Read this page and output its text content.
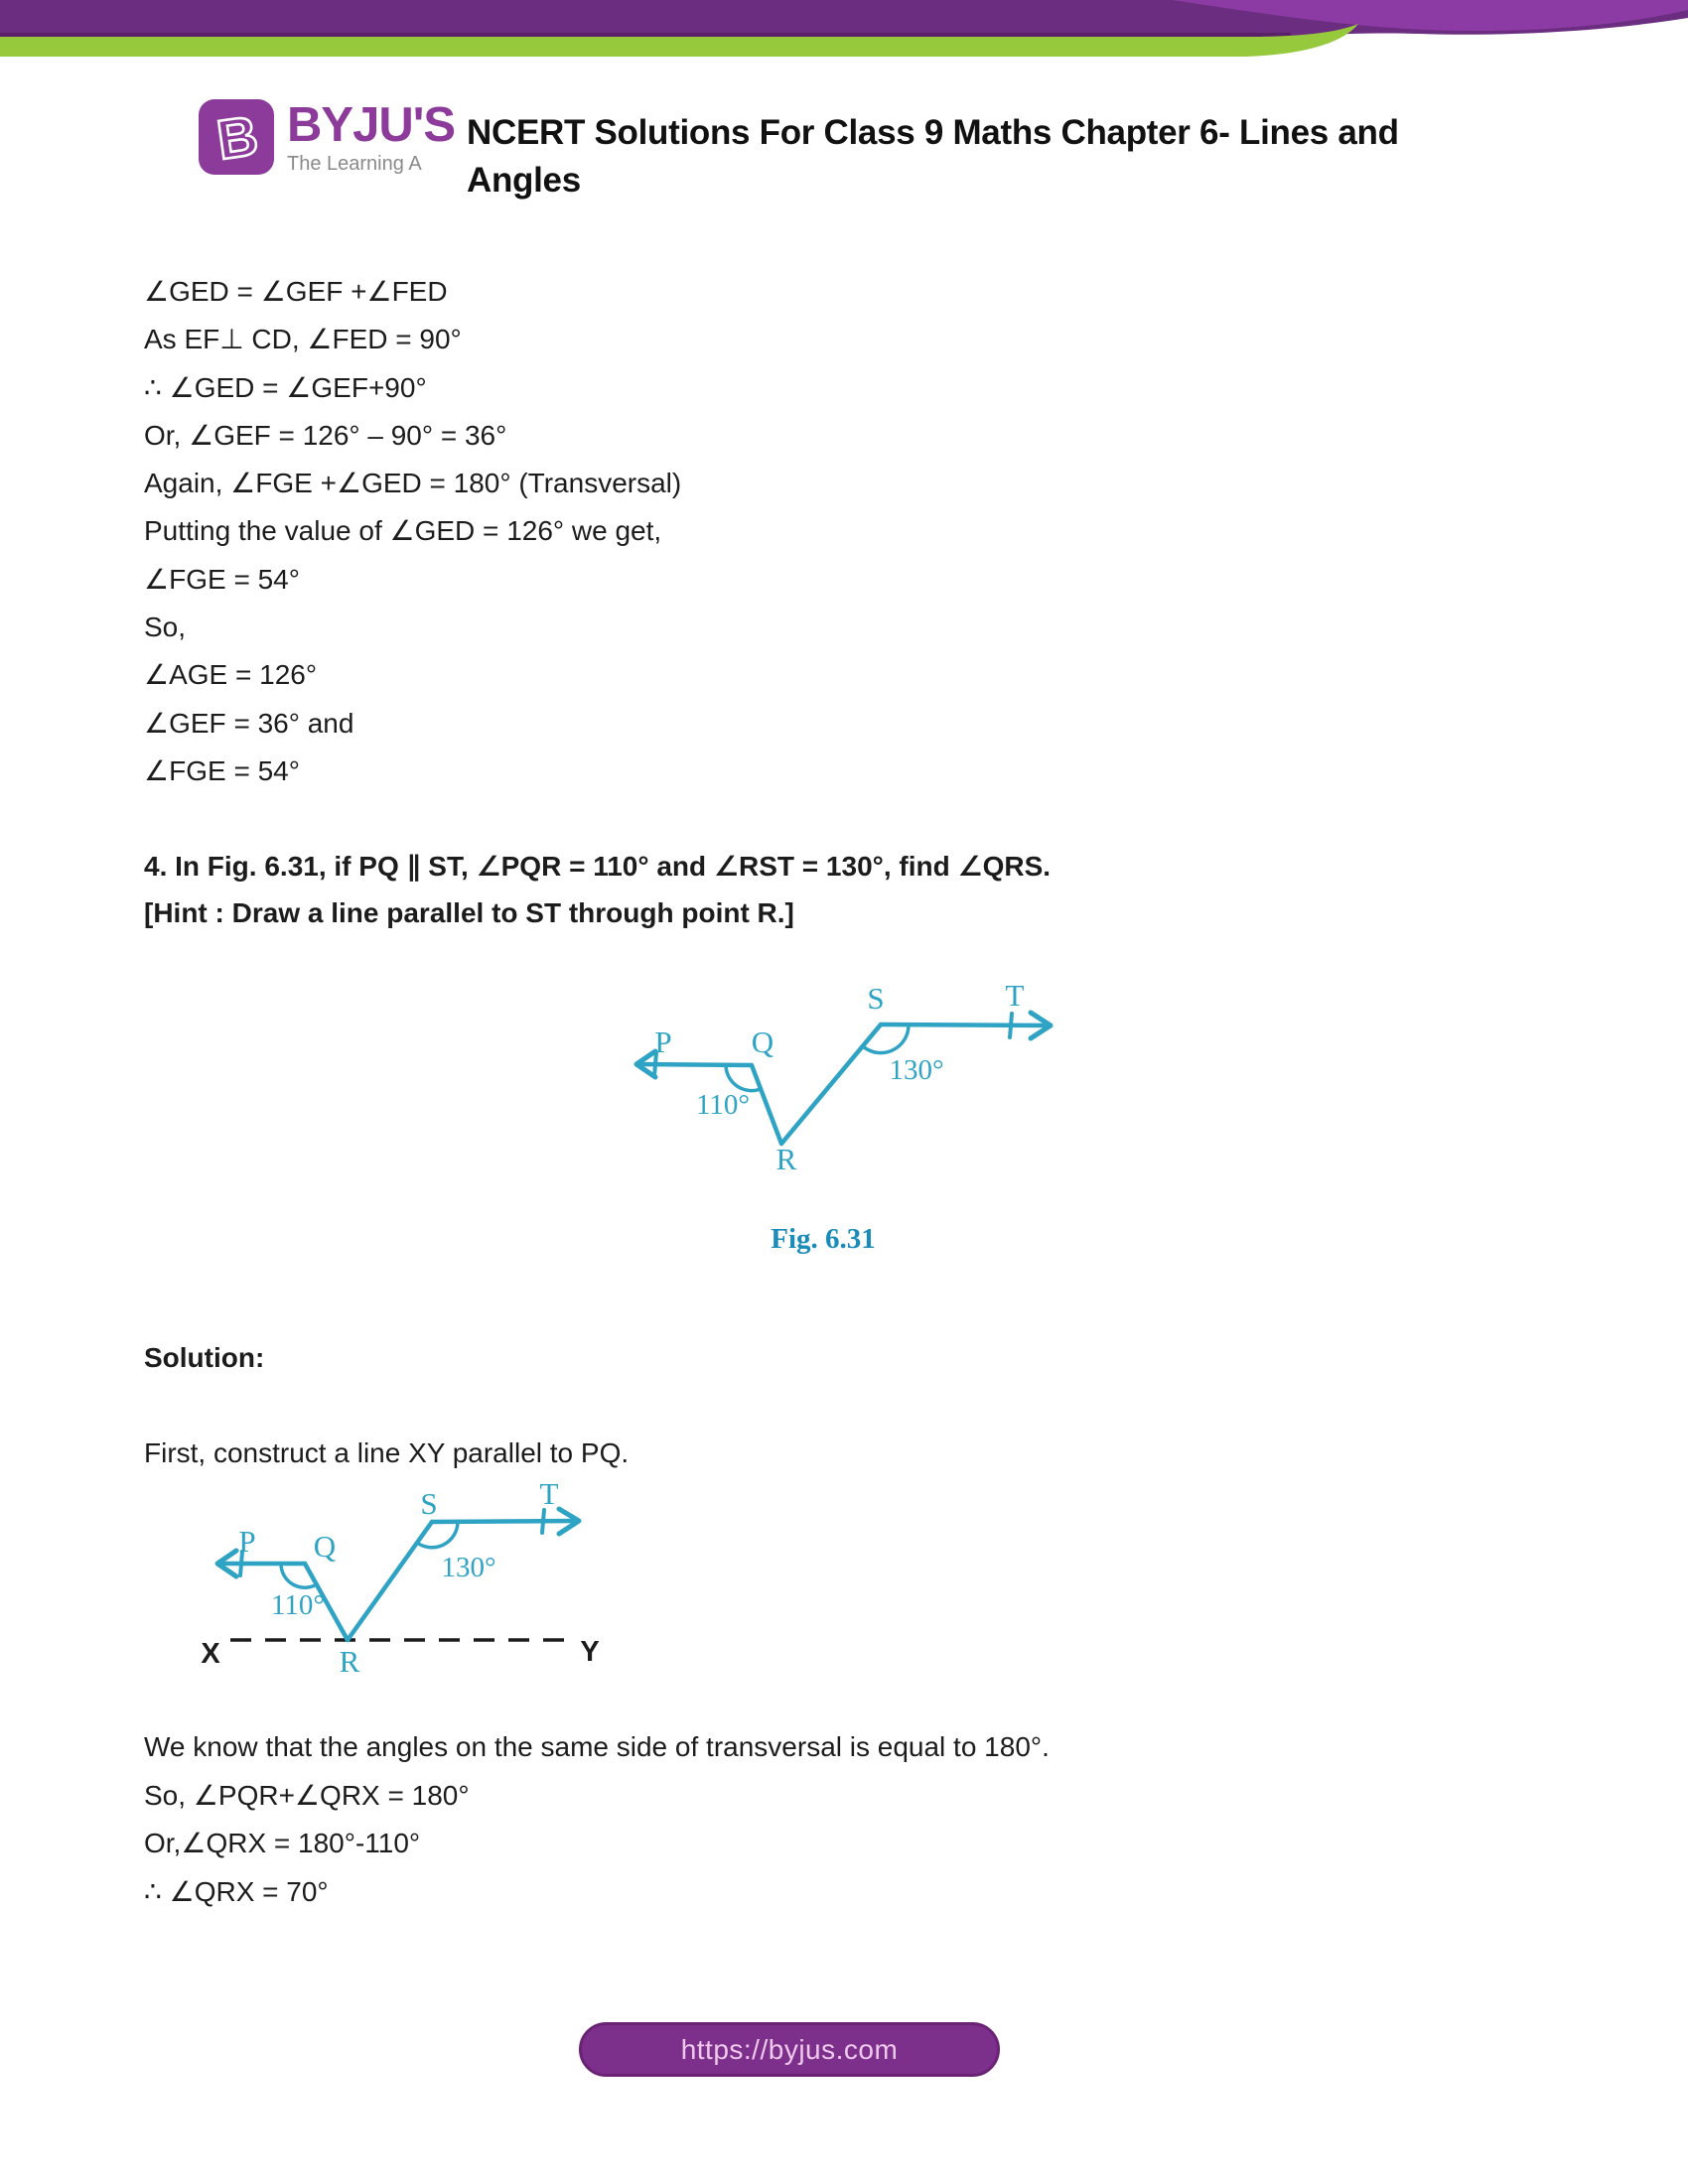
B BYJU'S
The Learning A
NCERT Solutions For Class 9 Maths Chapter 6- Lines and
Angles
∠GED = ∠GEF +∠FED
As EF⊥ CD, ∠FED = 90°
∴ ∠GED = ∠GEF+90°
Or, ∠GEF = 126° – 90° = 36°
Again, ∠FGE +∠GED = 180° (Transversal)
Putting the value of ∠GED = 126° we get,
∠FGE = 54°
So,
∠AGE = 126°
∠GEF = 36° and
∠FGE = 54°
4. In Fig. 6.31, if PQ ∥ ST, ∠PQR = 110° and ∠RST = 130°, find ∠QRS.
[Hint : Draw a line parallel to ST through point R.]
P	Q
R
S	T
110°
130°
Fig. 6.31
Solution:
First, construct a line XY parallel to PQ.
P Q
R
S	T
X	Y
110°
130°
We know that the angles on the same side of transversal is equal to 180°.
So, ∠PQR+∠QRX = 180°
Or,∠QRX = 180°-110°
∴ ∠QRX = 70°
https://byjus.com
